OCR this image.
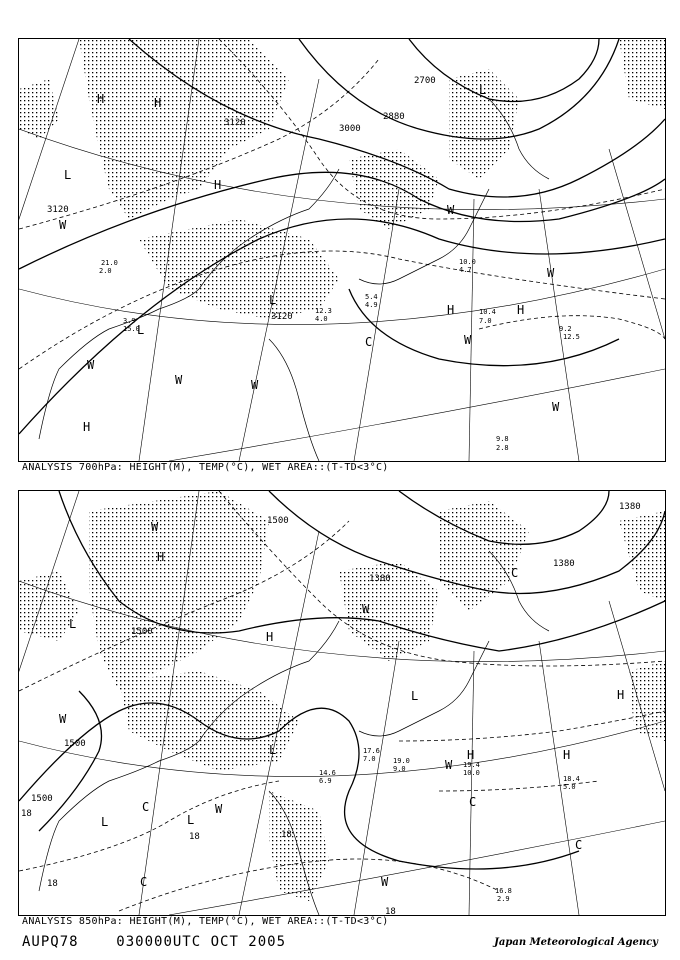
2700
2880
3000
3120
3120
3120
L
L
L
L
H
H
H	H
H
H
W
W
W	W
W
W
W
W
C
10.4
7.0
9.2
12.5
9.8
2.8
21.0
2.0
3.9
15.0
12.3
4.0
10.0
4.7
5.4
4.9
ANALYSIS 700hPa: HEIGHT(M), TEMP(°C), WET AREA::(T-TD<3°C)
1500
1500
1500
1500
1380
1380
1380
18
18	18
18
18
L
L
L
L
L
H
H
H
H
H
W
W
W
W
W
W
C	C
C
C
C
19.4
10.0
18.4
5.0
16.8
2.9
17.6
7.0 19.0
9.0
14.6
6.9
ANALYSIS 850hPa: HEIGHT(M), TEMP(°C), WET AREA::(T-TD<3°C)
AUPQ78	030000UTC OCT 2005	Japan Meteorological Agency
